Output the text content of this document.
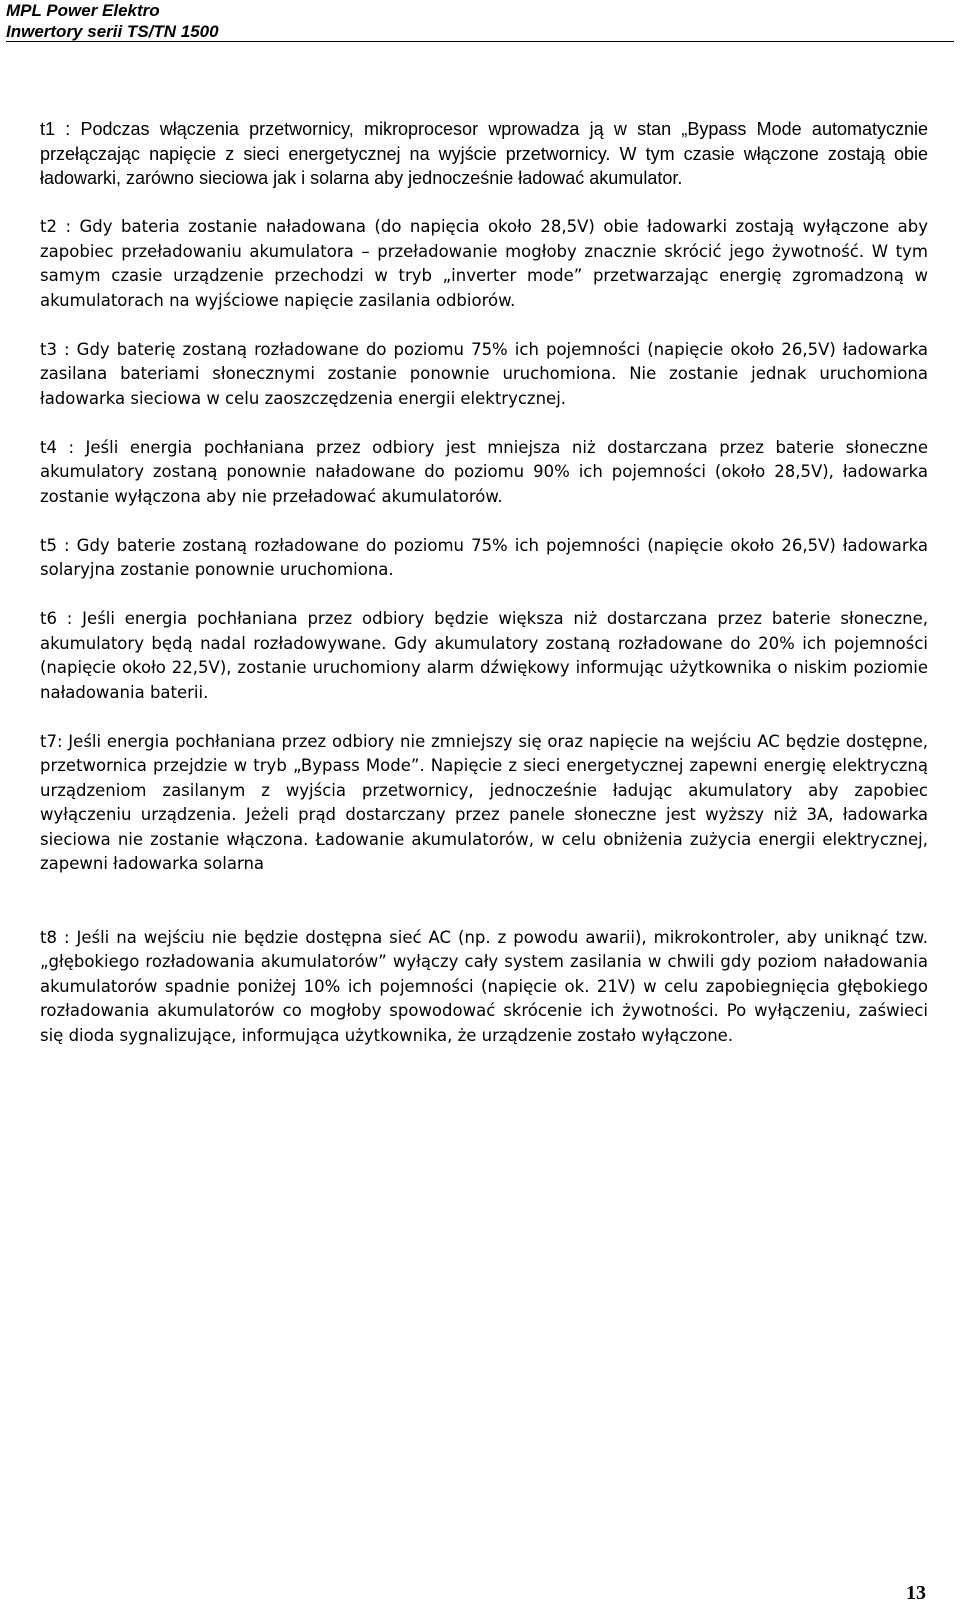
MPL Power Elektro
Inwertory serii TS/TN 1500

t1 : Podczas włączenia przetwornicy, mikroprocesor wprowadza ją w stan „Bypass Mode automatycznie przełączając napięcie z sieci energetycznej na wyjście przetwornicy. W tym czasie włączone zostają obie ładowarki, zarówno sieciowa jak i solarna aby jednocześnie ładować akumulator.

t2 : Gdy bateria zostanie naładowana (do napięcia około 28,5V) obie ładowarki zostają wyłączone aby zapobiec przeładowaniu akumulatora – przeładowanie mogłoby znacznie skrócić jego żywotność. W tym samym czasie urządzenie przechodzi w tryb „inverter mode” przetwarzając energię zgromadzoną w akumulatorach na wyjściowe napięcie zasilania odbiorów.

t3 : Gdy baterię zostaną rozładowane do poziomu 75% ich pojemności (napięcie około 26,5V) ładowarka zasilana bateriami słonecznymi zostanie ponownie uruchomiona. Nie zostanie jednak uruchomiona ładowarka sieciowa w celu zaoszczędzenia energii elektrycznej.

t4 : Jeśli energia pochłaniana przez odbiory jest mniejsza niż dostarczana przez baterie słoneczne akumulatory zostaną ponownie naładowane do poziomu 90% ich pojemności (około 28,5V), ładowarka zostanie wyłączona aby nie przeładować akumulatorów.

t5 : Gdy baterie zostaną rozładowane do poziomu 75% ich pojemności (napięcie około 26,5V) ładowarka solaryjna zostanie ponownie uruchomiona.

t6 : Jeśli energia pochłaniana przez odbiory będzie większa niż dostarczana przez baterie słoneczne, akumulatory będą nadal rozładowywane. Gdy akumulatory zostaną rozładowane do 20% ich pojemności (napięcie około 22,5V), zostanie uruchomiony alarm dźwiękowy informując użytkownika o niskim poziomie naładowania baterii.

t7: Jeśli energia pochłaniana przez odbiory nie zmniejszy się oraz napięcie na wejściu AC będzie dostępne, przetwornica przejdzie w tryb „Bypass Mode”. Napięcie z sieci energetycznej zapewni energię elektryczną urządzeniom zasilanym z wyjścia przetwornicy, jednocześnie ładując akumulatory aby zapobiec wyłączeniu urządzenia. Jeżeli prąd dostarczany przez panele słoneczne jest wyższy niż 3A, ładowarka sieciowa nie zostanie włączona. Ładowanie akumulatorów, w celu obniżenia zużycia energii elektrycznej, zapewni ładowarka solarna

t8 : Jeśli na wejściu nie będzie dostępna sieć AC (np. z powodu awarii), mikrokontroler, aby uniknąć tzw. „głębokiego rozładowania akumulatorów” wyłączy cały system zasilania w chwili gdy poziom naładowania akumulatorów spadnie poniżej 10% ich pojemności (napięcie ok. 21V) w celu zapobiegnięcia głębokiego rozładowania akumulatorów co mogłoby spowodować skrócenie ich żywotności. Po wyłączeniu, zaświeci się dioda sygnalizujące, informująca użytkownika, że urządzenie zostało wyłączone.

13
